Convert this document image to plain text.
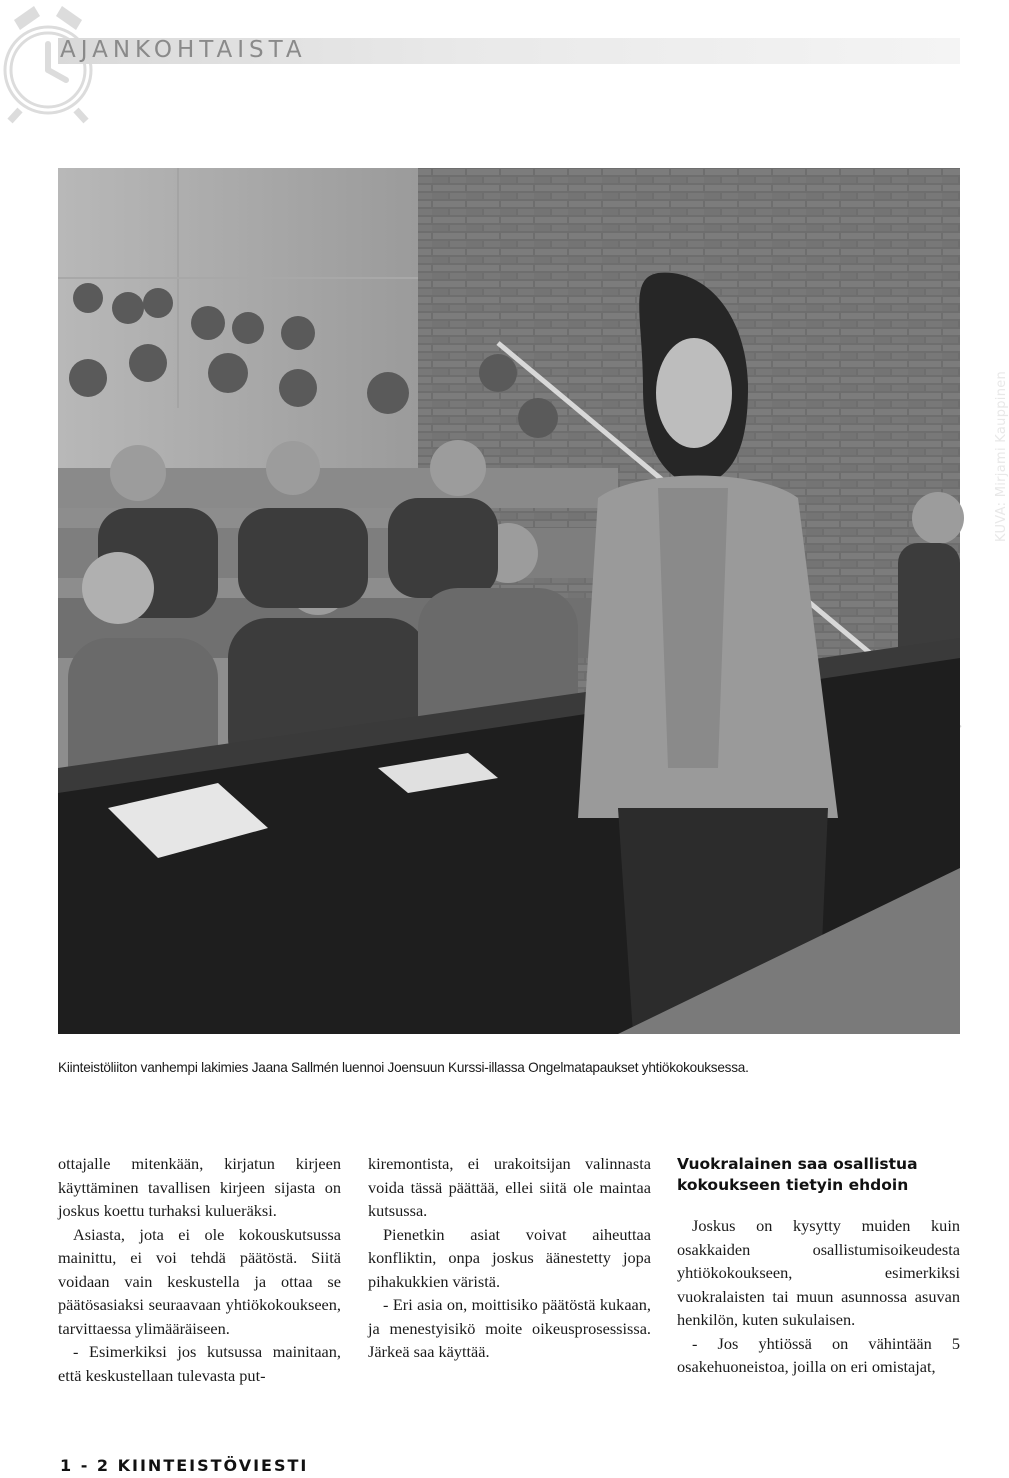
AJANKOHTAISTA
KUVA: Mirjami Kauppinen
Kiinteistöliiton vanhempi lakimies Jaana Sallmén luennoi Joensuun Kurssi-illassa Ongelmatapaukset yhtiökokouksessa.

ottajalle mitenkään, kirjatun kirjeen käyttäminen tavallisen kirjeen sijasta on joskus koettu turhaksi kulueräksi.

Asiasta, jota ei ole kokouskutsussa mainittu, ei voi tehdä päätöstä. Siitä voidaan vain keskustella ja ottaa se päätösasiaksi seuraavaan yhtiökokoukseen, tarvittaessa ylimääräiseen.

- Esimerkiksi jos kutsussa mainitaan, että keskustellaan tulevasta put-

kiremontista, ei urakoitsijan valinnasta voida tässä päättää, ellei siitä ole maintaa kutsussa.

Pienetkin asiat voivat aiheuttaa konfliktin, onpa joskus äänestetty jopa pihakukkien väristä.

- Eri asia on, moittisiko päätöstä kukaan, ja menestyisikö moite oikeusprosessissa. Järkeä saa käyttää.

Vuokralainen saa osallistua kokoukseen tietyin ehdoin

Joskus on kysytty muiden kuin osakkaiden osallistumisoikeudesta yhtiökokoukseen, esimerkiksi vuokralaisten tai muun asunnossa asuvan henkilön, kuten sukulaisen.

- Jos yhtiössä on vähintään 5 osakehuoneistoa, joilla on eri omistajat,

1 - 2 KIINTEISTÖVIESTI
